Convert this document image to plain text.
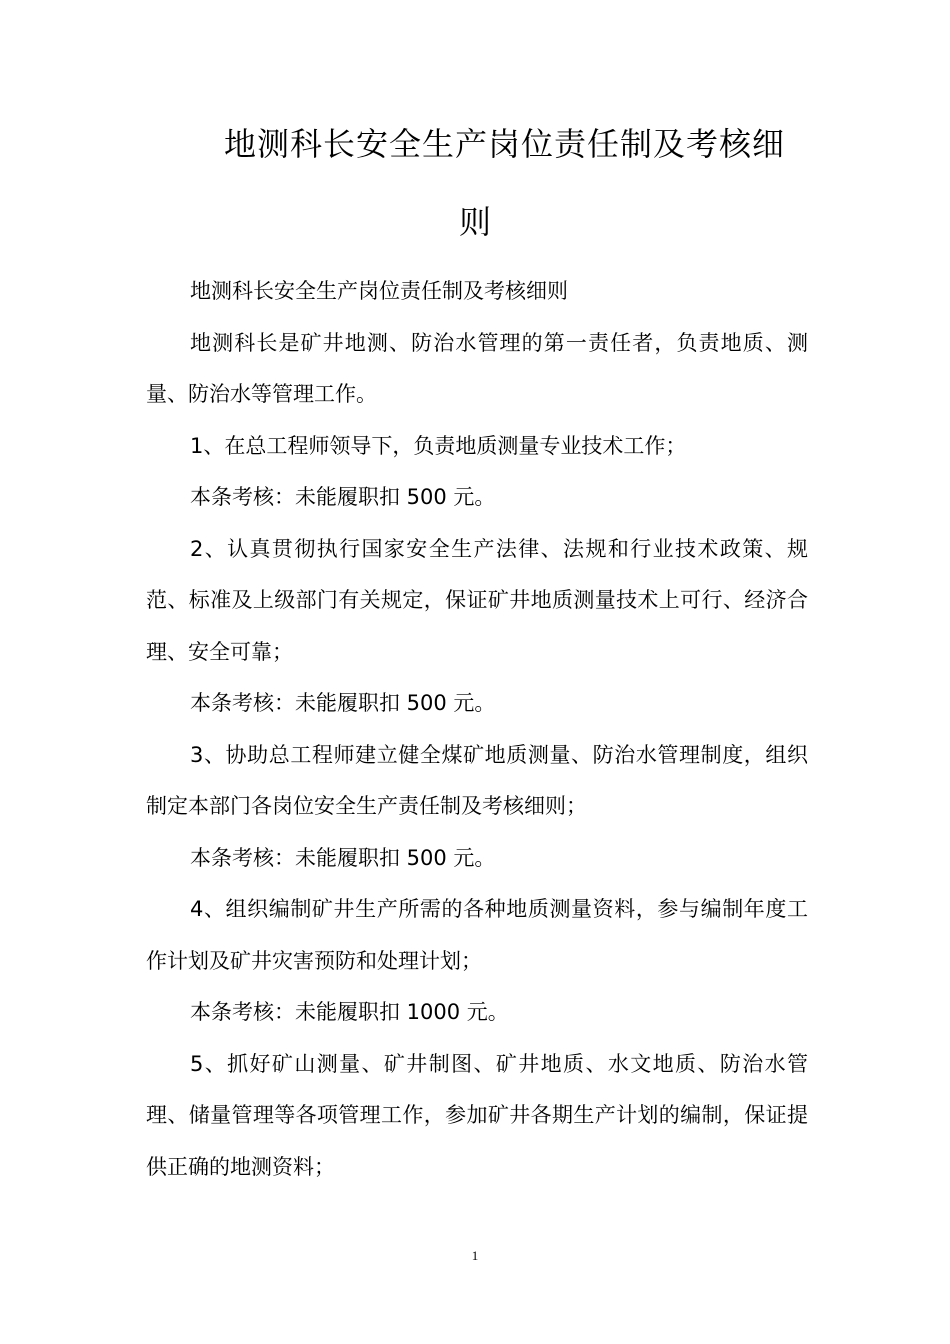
地测科长安全生产岗位责任制及考核细
则

地测科长安全生产岗位责任制及考核细则

地测科长是矿井地测、防治水管理的第一责任者，负责地质、测量、防治水等管理工作。

1、在总工程师领导下，负责地质测量专业技术工作；

本条考核：未能履职扣 500 元。

2、认真贯彻执行国家安全生产法律、法规和行业技术政策、规范、标准及上级部门有关规定，保证矿井地质测量技术上可行、经济合理、安全可靠；

本条考核：未能履职扣 500 元。

3、协助总工程师建立健全煤矿地质测量、防治水管理制度，组织制定本部门各岗位安全生产责任制及考核细则；

本条考核：未能履职扣 500 元。

4、组织编制矿井生产所需的各种地质测量资料，参与编制年度工作计划及矿井灾害预防和处理计划；

本条考核：未能履职扣 1000 元。

5、抓好矿山测量、矿井制图、矿井地质、水文地质、防治水管理、储量管理等各项管理工作，参加矿井各期生产计划的编制，保证提供正确的地测资料；

1
